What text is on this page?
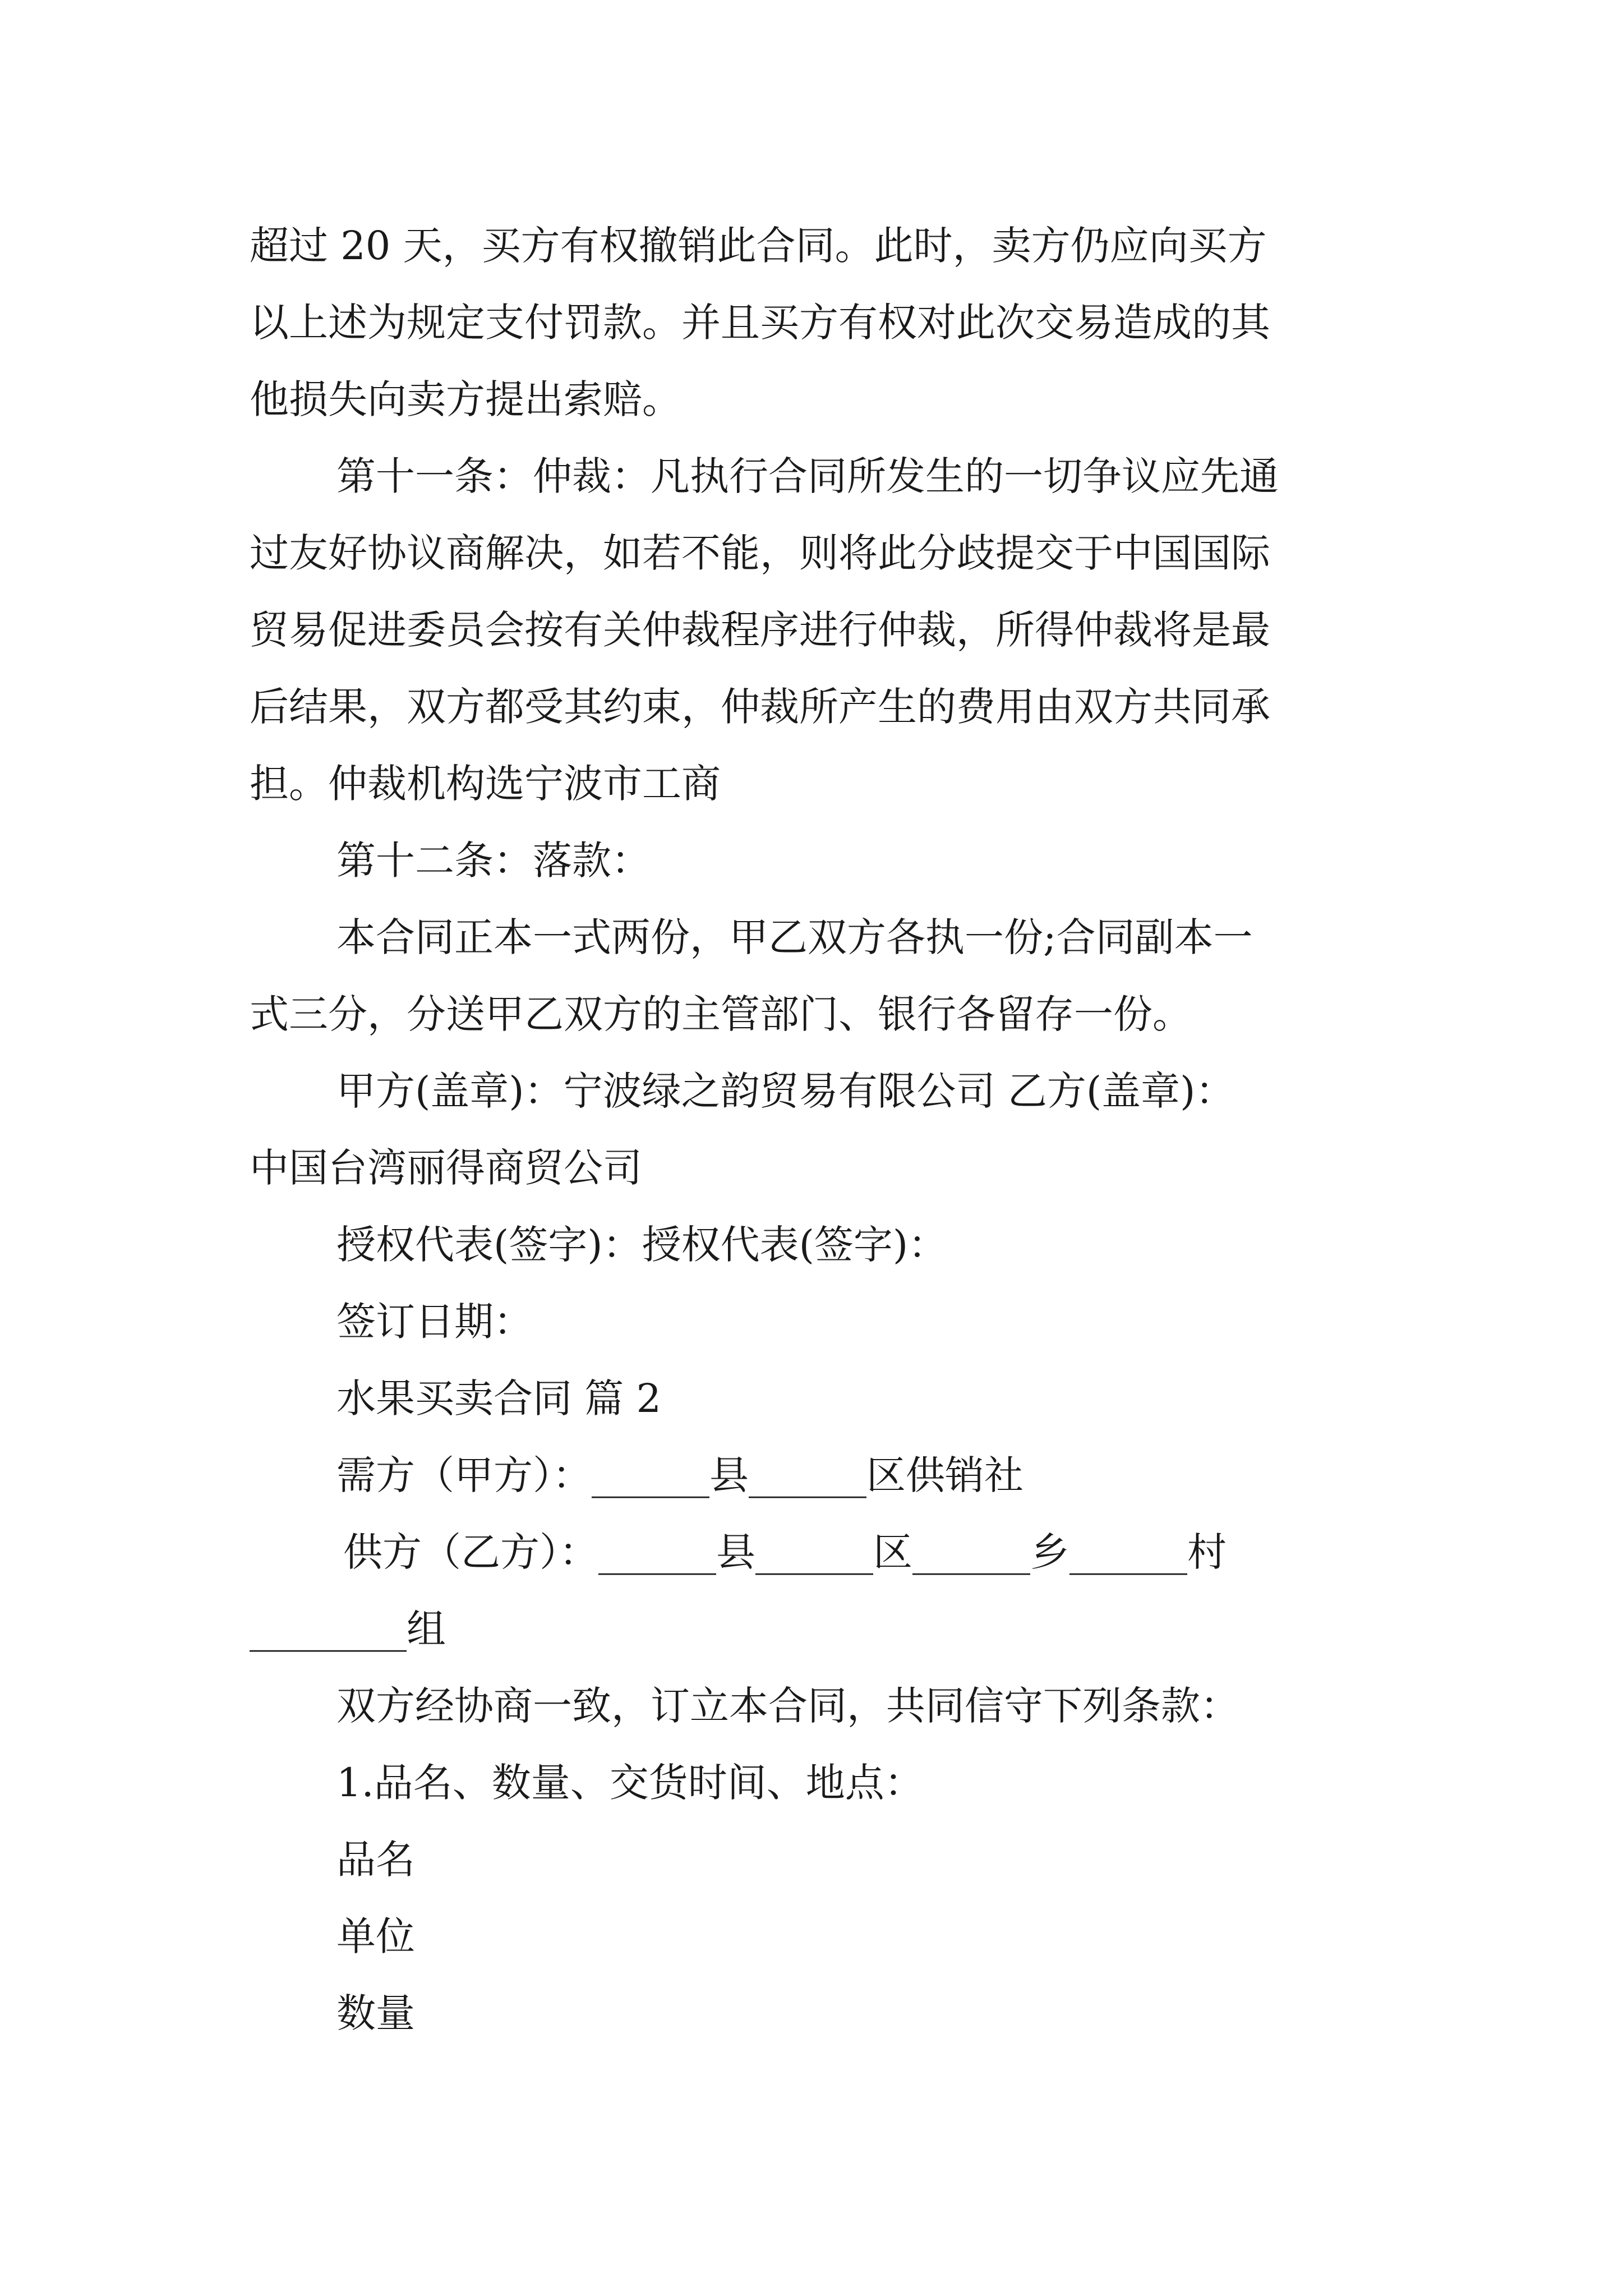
超过 20 天，买方有权撤销此合同。此时，卖方仍应向买方
以上述为规定支付罚款。并且买方有权对此次交易造成的其
他损失向卖方提出索赔。
第十一条：仲裁：凡执行合同所发生的一切争议应先通
过友好协议商解决，如若不能，则将此分歧提交于中国国际
贸易促进委员会按有关仲裁程序进行仲裁，所得仲裁将是最
后结果，双方都受其约束，仲裁所产生的费用由双方共同承
担。仲裁机构选宁波市工商
第十二条：落款：
本合同正本一式两份，甲乙双方各执一份;合同副本一
式三分，分送甲乙双方的主管部门、银行各留存一份。
甲方(盖章)：宁波绿之韵贸易有限公司 乙方(盖章)：
中国台湾丽得商贸公司
授权代表(签字)：授权代表(签字)：
签订日期：
水果买卖合同 篇 2
需方（甲方）：______县______区供销社
供方（乙方）：______县______区______乡______村
________组
双方经协商一致，订立本合同，共同信守下列条款：
1.品名、数量、交货时间、地点：
品名
单位
数量
